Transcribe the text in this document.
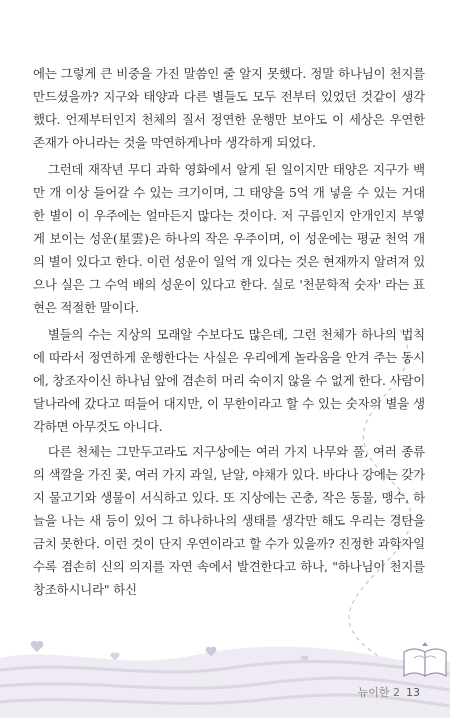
에는 그렇게 큰 비중을 가진 말씀인 줄 알지 못했다. 정말 하나님이 천지를 만드셨을까? 지구와 태양과 다른 별들도 모두 전부터 있었던 것같이 생각했다. 언제부터인지 천체의 질서 정연한 운행만 보아도 이 세상은 우연한 존재가 아니라는 것을 막연하게나마 생각하게 되었다.

그런데 재작년 무디 과학 영화에서 알게 된 일이지만 태양은 지구가 백만 개 이상 들어갈 수 있는 크기이며, 그 태양을 5억 개 넣을 수 있는 거대한 별이 이 우주에는 얼마든지 많다는 것이다. 저 구름인지 안개인지 부옇게 보이는 성운(星雲)은 하나의 작은 우주이며, 이 성운에는 평균 천억 개의 별이 있다고 한다. 이런 성운이 일억 개 있다는 것은 현재까지 알려져 있으나 실은 그 수억 배의 성운이 있다고 한다. 실로 '천문학적 숫자' 라는 표현은 적절한 말이다.

별들의 수는 지상의 모래알 수보다도 많은데, 그런 천체가 하나의 법칙에 따라서 정연하게 운행한다는 사실은 우리에게 놀라움을 안겨 주는 동시에, 창조자이신 하나님 앞에 겸손히 머리 숙이지 않을 수 없게 한다. 사람이 달나라에 갔다고 떠들어 대지만, 이 무한이라고 할 수 있는 숫자의 별을 생각하면 아무것도 아니다.

다른 천체는 그만두고라도 지구상에는 여러 가지 나무와 풀, 여러 종류의 색깔을 가진 꽃, 여러 가지 과일, 낟알, 야채가 있다. 바다나 강에는 갖가지 물고기와 생물이 서식하고 있다. 또 지상에는 곤충, 작은 동물, 맹수, 하늘을 나는 새 등이 있어 그 하나하나의 생태를 생각만 해도 우리는 경탄을 금치 못한다. 이런 것이 단지 우연이라고 할 수가 있을까? 진정한 과학자일수록 겸손히 신의 의지를 자연 속에서 발견한다고 하나, "하나님이 천지를 창조하시니라" 하신

뉴이한 2 13
